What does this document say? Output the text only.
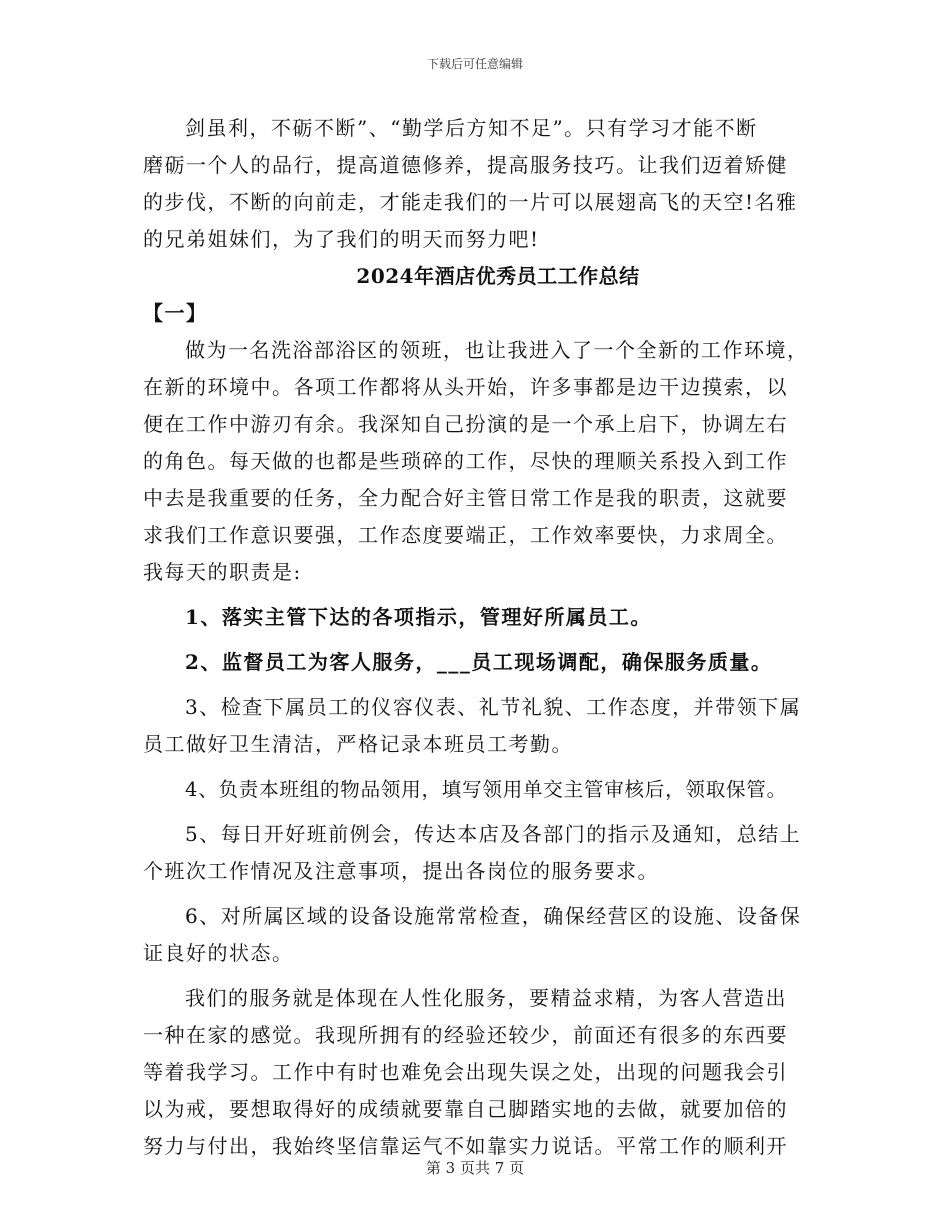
下载后可任意编辑
剑虽利，不砺不断”、“勤学后方知不足”。只有学习才能不断
磨砺一个人的品行，提高道德修养，提高服务技巧。让我们迈着矫健
的步伐，不断的向前走，才能走我们的一片可以展翅高飞的天空!名雅
的兄弟姐妹们，为了我们的明天而努力吧!
2024年酒店优秀员工工作总结
【一】
做为一名洗浴部浴区的领班，也让我进入了一个全新的工作环境，
在新的环境中。各项工作都将从头开始，许多事都是边干边摸索，以
便在工作中游刃有余。我深知自己扮演的是一个承上启下，协调左右
的角色。每天做的也都是些琐碎的工作，尽快的理顺关系投入到工作
中去是我重要的任务，全力配合好主管日常工作是我的职责，这就要
求我们工作意识要强，工作态度要端正，工作效率要快，力求周全。
我每天的职责是:
1、落实主管下达的各项指示，管理好所属员工。
2、监督员工为客人服务，___员工现场调配，确保服务质量。
3、检查下属员工的仪容仪表、礼节礼貌、工作态度，并带领下属
员工做好卫生清洁，严格记录本班员工考勤。
4、负责本班组的物品领用，填写领用单交主管审核后，领取保管。
5、每日开好班前例会，传达本店及各部门的指示及通知，总结上
个班次工作情况及注意事项，提出各岗位的服务要求。
6、对所属区域的设备设施常常检查，确保经营区的设施、设备保
证良好的状态。
我们的服务就是体现在人性化服务，要精益求精，为客人营造出
一种在家的感觉。我现所拥有的经验还较少，前面还有很多的东西要
等着我学习。工作中有时也难免会出现失误之处，出现的问题我会引
以为戒，要想取得好的成绩就要靠自己脚踏实地的去做，就要加倍的
努力与付出，我始终坚信靠运气不如靠实力说话。平常工作的顺利开
第 3 页共 7 页
